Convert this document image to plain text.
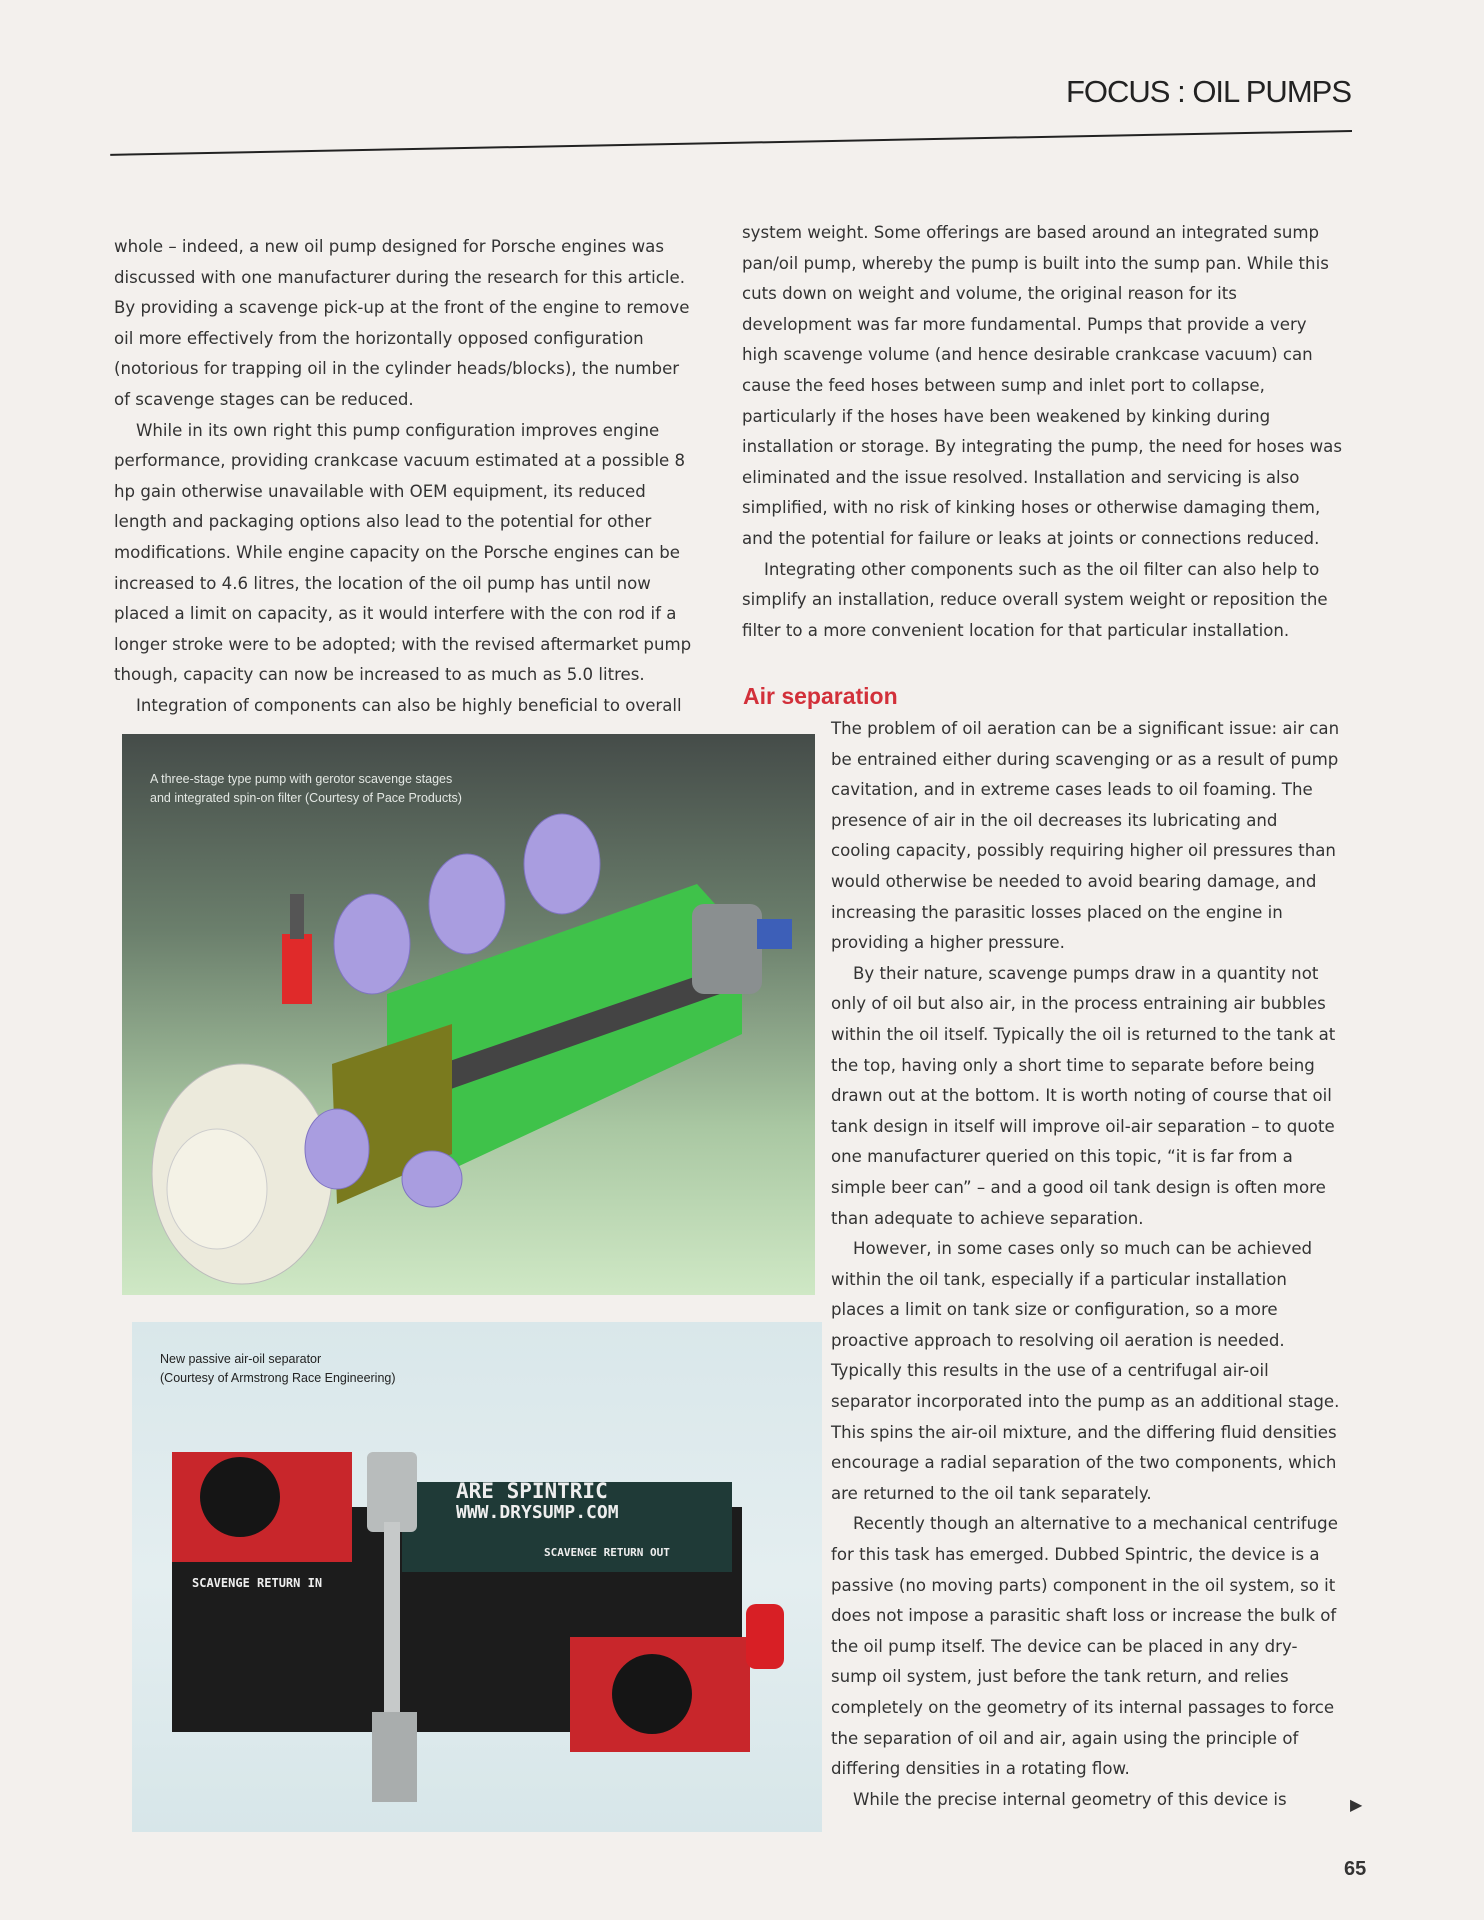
FOCUS : OIL PUMPS

whole – indeed, a new oil pump designed for Porsche engines was discussed with one manufacturer during the research for this article. By providing a scavenge pick-up at the front of the engine to remove oil more effectively from the horizontally opposed configuration (notorious for trapping oil in the cylinder heads/blocks), the number of scavenge stages can be reduced.

While in its own right this pump configuration improves engine performance, providing crankcase vacuum estimated at a possible 8 hp gain otherwise unavailable with OEM equipment, its reduced length and packaging options also lead to the potential for other modifications. While engine capacity on the Porsche engines can be increased to 4.6 litres, the location of the oil pump has until now placed a limit on capacity, as it would interfere with the con rod if a longer stroke were to be adopted; with the revised aftermarket pump though, capacity can now be increased to as much as 5.0 litres.

Integration of components can also be highly beneficial to overall

system weight. Some offerings are based around an integrated sump pan/oil pump, whereby the pump is built into the sump pan. While this cuts down on weight and volume, the original reason for its development was far more fundamental. Pumps that provide a very high scavenge volume (and hence desirable crankcase vacuum) can cause the feed hoses between sump and inlet port to collapse, particularly if the hoses have been weakened by kinking during installation or storage. By integrating the pump, the need for hoses was eliminated and the issue resolved. Installation and servicing is also simplified, with no risk of kinking hoses or otherwise damaging them, and the potential for failure or leaks at joints or connections reduced.

Integrating other components such as the oil filter can also help to simplify an installation, reduce overall system weight or reposition the filter to a more convenient location for that particular installation.

Air separation

The problem of oil aeration can be a significant issue: air can be entrained either during scavenging or as a result of pump cavitation, and in extreme cases leads to oil foaming. The presence of air in the oil decreases its lubricating and cooling capacity, possibly requiring higher oil pressures than would otherwise be needed to avoid bearing damage, and increasing the parasitic losses placed on the engine in providing a higher pressure.

By their nature, scavenge pumps draw in a quantity not only of oil but also air, in the process entraining air bubbles within the oil itself. Typically the oil is returned to the tank at the top, having only a short time to separate before being drawn out at the bottom. It is worth noting of course that oil tank design in itself will improve oil-air separation – to quote one manufacturer queried on this topic, “it is far from a simple beer can” – and a good oil tank design is often more than adequate to achieve separation.

However, in some cases only so much can be achieved within the oil tank, especially if a particular installation places a limit on tank size or configuration, so a more proactive approach to resolving oil aeration is needed. Typically this results in the use of a centrifugal air-oil separator incorporated into the pump as an additional stage. This spins the air-oil mixture, and the differing fluid densities encourage a radial separation of the two components, which are returned to the oil tank separately.

Recently though an alternative to a mechanical centrifuge for this task has emerged. Dubbed Spintric, the device is a passive (no moving parts) component in the oil system, so it does not impose a parasitic shaft loss or increase the bulk of the oil pump itself. The device can be placed in any dry-sump oil system, just before the tank return, and relies completely on the geometry of its internal passages to force the separation of oil and air, again using the principle of differing densities in a rotating flow.

While the precise internal geometry of this device is

A three-stage type pump with gerotor scavenge stages
and integrated spin-on filter (Courtesy of Pace Products)
ARE SPINTRIC
WWW.DRYSUMP.COM
SCAVENGE RETURN OUT
SCAVENGE RETURN IN
New passive air-oil separator
(Courtesy of Armstrong Race Engineering)
▶
65
